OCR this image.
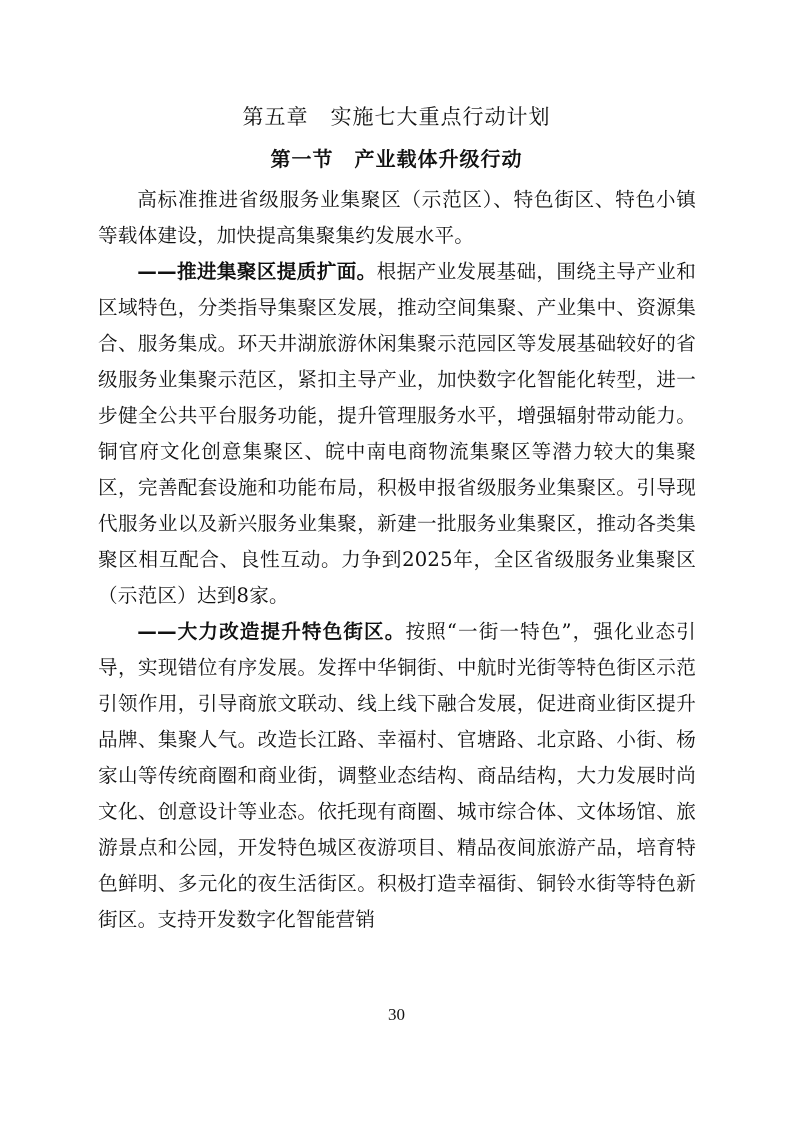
第五章　实施七大重点行动计划
第一节　产业载体升级行动

高标准推进省级服务业集聚区（示范区）、特色街区、特色小镇等载体建设，加快提高集聚集约发展水平。

——推进集聚区提质扩面。根据产业发展基础，围绕主导产业和区域特色，分类指导集聚区发展，推动空间集聚、产业集中、资源集合、服务集成。环天井湖旅游休闲集聚示范园区等发展基础较好的省级服务业集聚示范区，紧扣主导产业，加快数字化智能化转型，进一步健全公共平台服务功能，提升管理服务水平，增强辐射带动能力。铜官府文化创意集聚区、皖中南电商物流集聚区等潜力较大的集聚区，完善配套设施和功能布局，积极申报省级服务业集聚区。引导现代服务业以及新兴服务业集聚，新建一批服务业集聚区，推动各类集聚区相互配合、良性互动。力争到2025年，全区省级服务业集聚区（示范区）达到8家。

——大力改造提升特色街区。按照“一街一特色”，强化业态引导，实现错位有序发展。发挥中华铜街、中航时光街等特色街区示范引领作用，引导商旅文联动、线上线下融合发展，促进商业街区提升品牌、集聚人气。改造长江路、幸福村、官塘路、北京路、小街、杨家山等传统商圈和商业街，调整业态结构、商品结构，大力发展时尚文化、创意设计等业态。依托现有商圈、城市综合体、文体场馆、旅游景点和公园，开发特色城区夜游项目、精品夜间旅游产品，培育特色鲜明、多元化的夜生活街区。积极打造幸福街、铜铃水街等特色新街区。支持开发数字化智能营销

30
